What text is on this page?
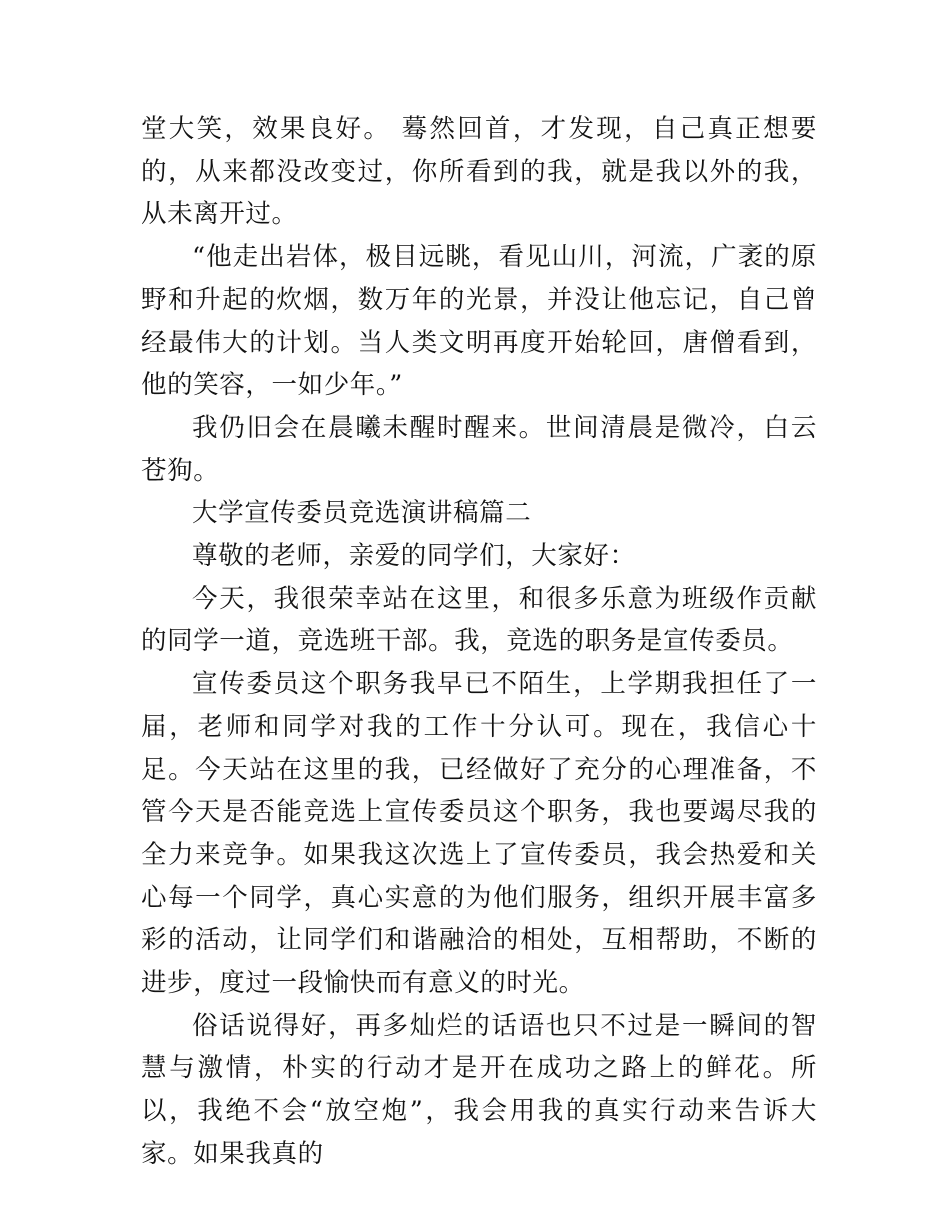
堂大笑，效果良好。 蓦然回首，才发现，自己真正想要的，从来都没改变过，你所看到的我，就是我以外的我，从未离开过。

“他走出岩体，极目远眺，看见山川，河流，广袤的原野和升起的炊烟，数万年的光景，并没让他忘记，自己曾经最伟大的计划。当人类文明再度开始轮回，唐僧看到，他的笑容，一如少年。”

我仍旧会在晨曦未醒时醒来。世间清晨是微冷，白云苍狗。

大学宣传委员竞选演讲稿篇二

尊敬的老师，亲爱的同学们，大家好：

今天，我很荣幸站在这里，和很多乐意为班级作贡献的同学一道，竞选班干部。我，竞选的职务是宣传委员。

宣传委员这个职务我早已不陌生，上学期我担任了一届，老师和同学对我的工作十分认可。现在，我信心十足。今天站在这里的我，已经做好了充分的心理准备，不管今天是否能竞选上宣传委员这个职务，我也要竭尽我的全力来竞争。如果我这次选上了宣传委员，我会热爱和关心每一个同学，真心实意的为他们服务，组织开展丰富多彩的活动，让同学们和谐融洽的相处，互相帮助，不断的进步，度过一段愉快而有意义的时光。

俗话说得好，再多灿烂的话语也只不过是一瞬间的智慧与激情，朴实的行动才是开在成功之路上的鲜花。所以，我绝不会“放空炮”，我会用我的真实行动来告诉大家。如果我真的
